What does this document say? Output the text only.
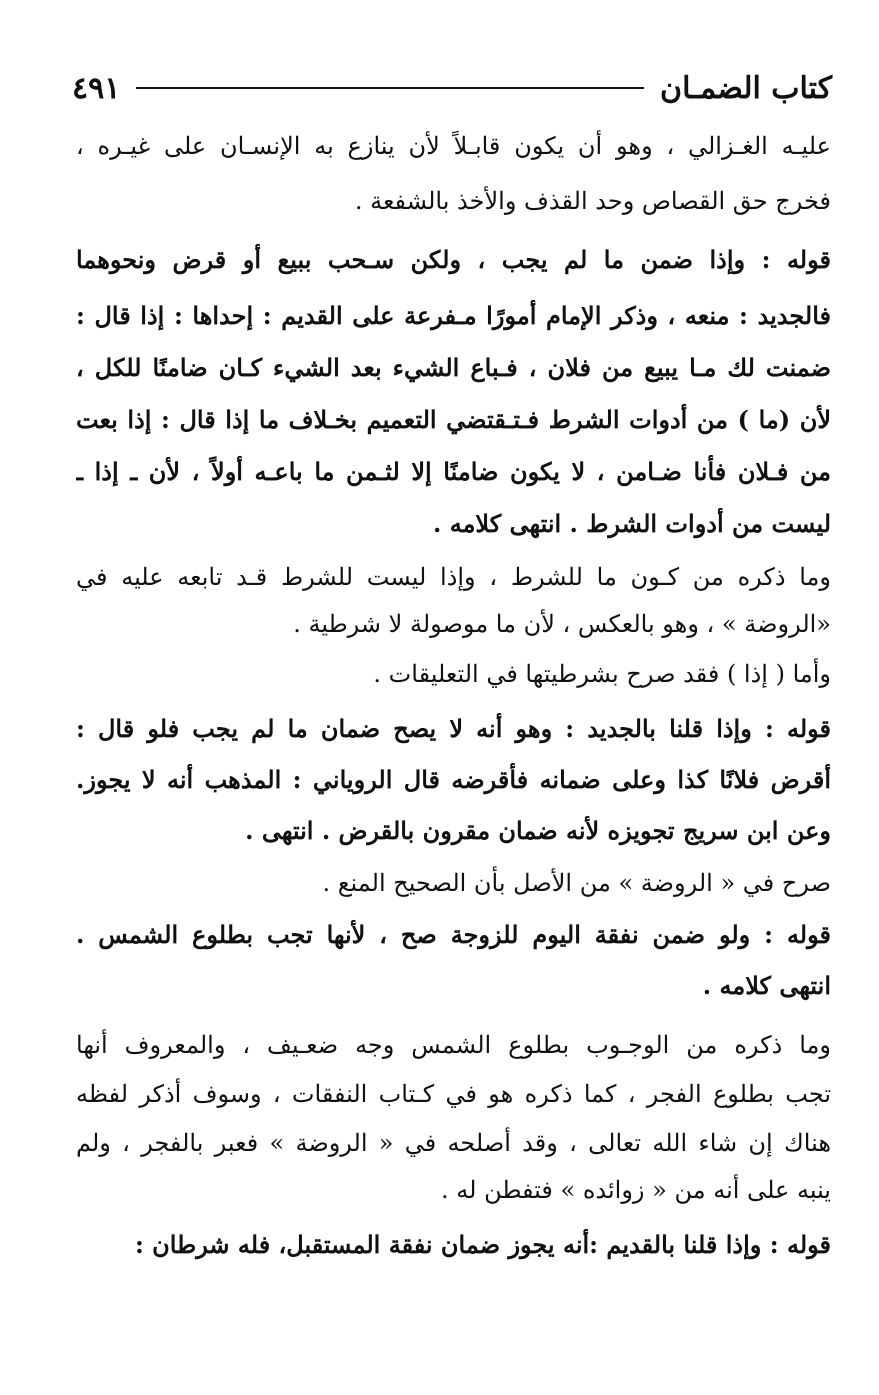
كتاب الضمـان
٤٩١
عليـه الغـزالي ، وهو أن يكون قابـلاً لأن ينازع به الإنسـان على غيـره ،
فخرج حق القصاص وحد القذف والأخذ بالشفعة .
قوله : وإذا ضمن ما لم يجب ، ولكن سـحب ببيع أو قرض ونحوهما
فالجديد : منعه ، وذكر الإمام أمورًا مـفرعة على القديم : إحداها : إذا قال :
ضمنت لك مـا يبيع من فلان ، فـباع الشيء بعد الشيء كـان ضامنًا للكل ،
لأن (ما ) من أدوات الشرط فـتـقتضي التعميم بخـلاف ما إذا قال : إذا بعت
من فـلان فأنا ضـامن ، لا يكون ضامنًا إلا لثـمن ما باعـه أولاً ، لأن ـ إذا ـ
ليست من أدوات الشرط . انتهى كلامه .
وما ذكره من كـون ما للشرط ، وإذا ليست للشرط قـد تابعه عليه في
«الروضة » ، وهو بالعكس ، لأن ما موصولة لا شرطية .
وأما ( إذا ) فقد صرح بشرطيتها في التعليقات .
قوله : وإذا قلنا بالجديد : وهو أنه لا يصح ضمان ما لم يجب فلو قال :
أقرض فلانًا كذا وعلى ضمانه فأقرضه قال الروياني : المذهب أنه لا يجوز.
وعن ابن سريج تجويزه لأنه ضمان مقرون بالقرض . انتهى .
صرح في « الروضة » من الأصل بأن الصحيح المنع .
قوله : ولو ضمن نفقة اليوم للزوجة صح ، لأنها تجب بطلوع الشمس .
انتهى كلامه .
وما ذكره من الوجـوب بطلوع الشمس وجه ضعـيف ، والمعروف أنها
تجب بطلوع الفجر ، كما ذكره هو في كـتاب النفقات ، وسوف أذكر لفظه
هناك إن شاء الله تعالى ، وقد أصلحه في « الروضة » فعبر بالفجر ، ولم
ينبه على أنه من « زوائده » فتفطن له .
قوله : وإذا قلنا بالقديم :أنه يجوز ضمان نفقة المستقبل، فله شرطان :
